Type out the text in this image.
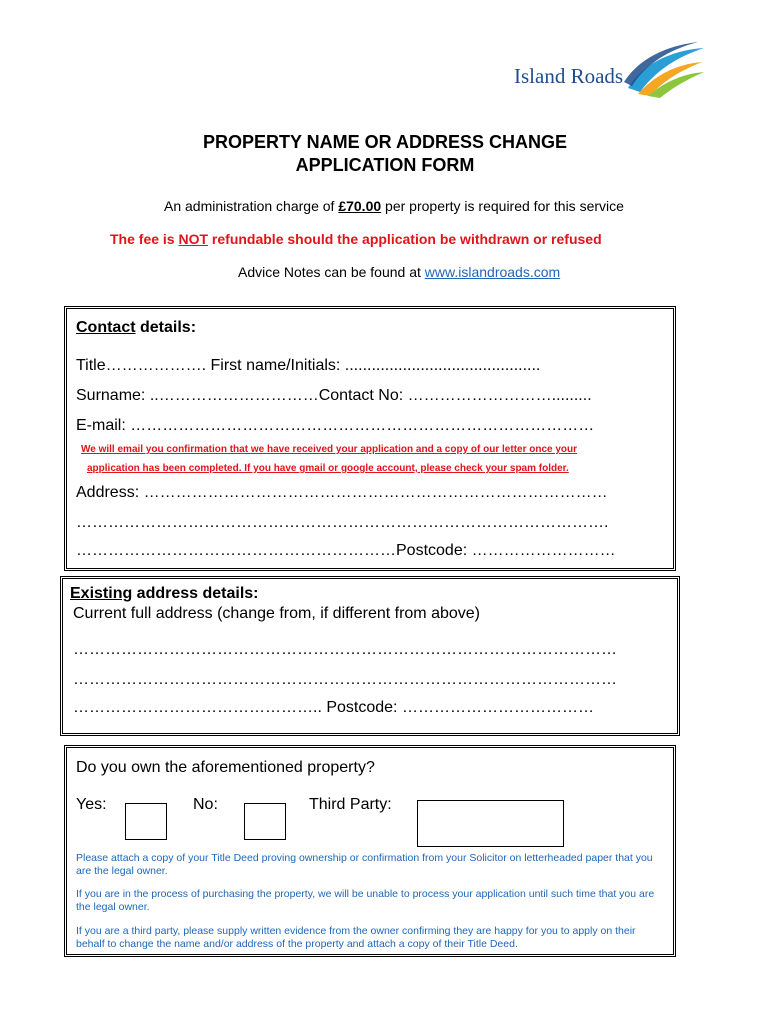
Island Roads
PROPERTY NAME OR ADDRESS CHANGE
APPLICATION FORM
An administration charge of £70.00 per property is required for this service
The fee is NOT refundable should the application be withdrawn or refused
Advice Notes can be found at www.islandroads.com
Contact details:
Title………………. First name/Initials: ............................................
Surname: ..…………………………Contact No: ……………………….........
E-mail: ……………………………………………………………………………
We will email you confirmation that we have received your application and a copy of our letter once your
application has been completed. If you have gmail or google account, please check your spam folder.
Address: ……………………………………………………………………………
……………………………………………………………………………………….
……………………………………………………Postcode: ………………………
Existing address details:
Current full address (change from, if different from above)
…………………………………………………………………………………………
…………………………………………………………………………………………
……………………………………….. Postcode: ………………………………
Do you own the aforementioned property?
Yes:	No:	Third Party:
Please attach a copy of your Title Deed proving ownership or confirmation from your Solicitor on letterheaded paper that you are the legal owner.
If you are in the process of purchasing the property, we will be unable to process your application until such time that you are the legal owner.
If you are a third party, please supply written evidence from the owner confirming they are happy for you to apply on their behalf to change the name and/or address of the property and attach a copy of their Title Deed.
